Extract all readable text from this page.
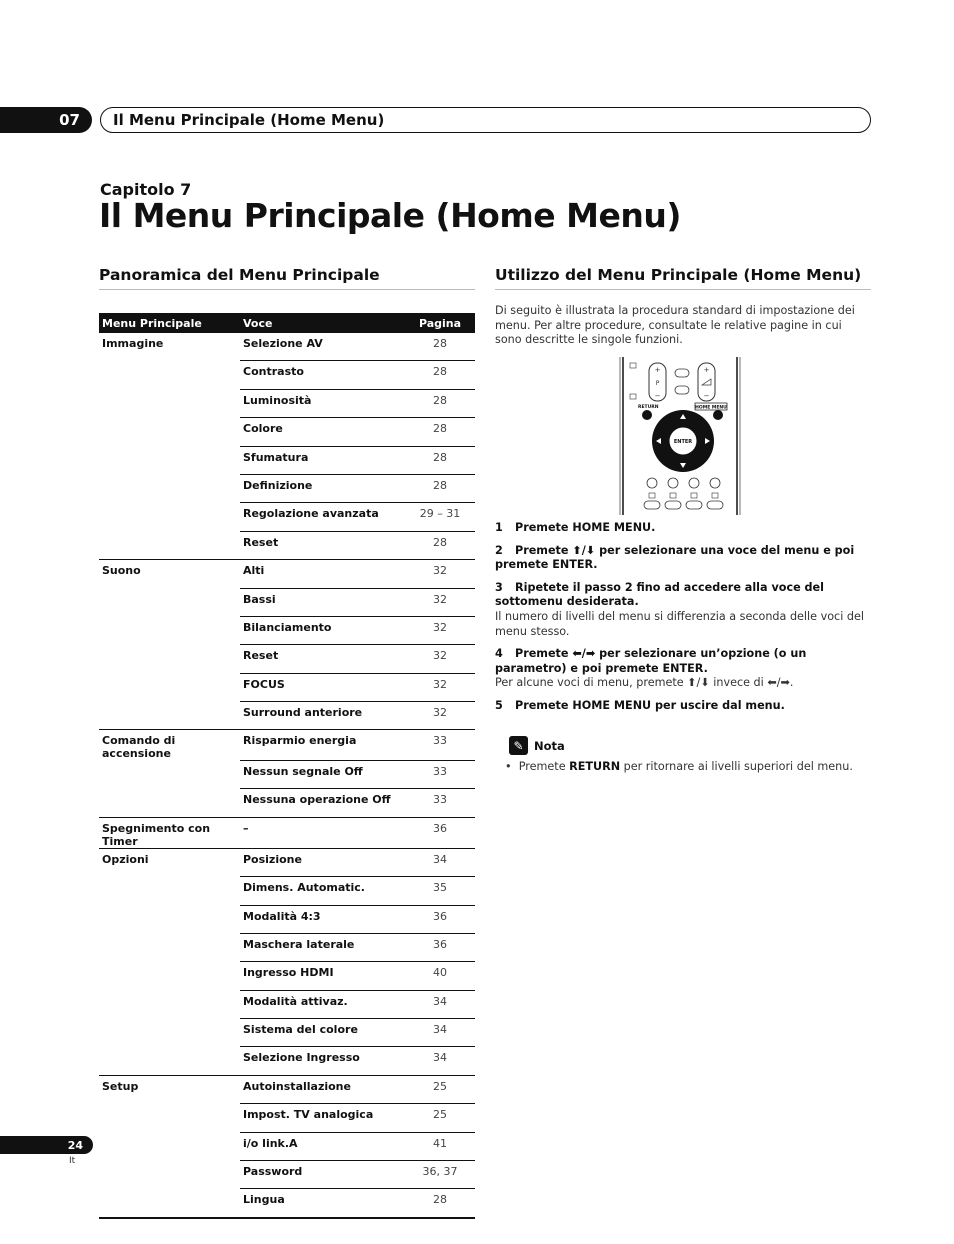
07	Il Menu Principale (Home Menu)
Capitolo 7
Il Menu Principale (Home Menu)
Panoramica del Menu Principale
Menu Principale	Voce	Pagina
Immagine	Selezione AV	28
	Contrasto	28
	Luminosità	28
	Colore	28
	Sfumatura	28
	Definizione	28
	Regolazione avanzata	29 – 31
	Reset	28
Suono	Alti	32
	Bassi	32
	Bilanciamento	32
	Reset	32
	FOCUS	32
	Surround anteriore	32
Comando di accensione	Risparmio energia	33
	Nessun segnale Off	33
	Nessuna operazione Off	33
Spegnimento con Timer	–	36
Opzioni	Posizione	34
	Dimens. Automatic.	35
	Modalità 4:3	36
	Maschera laterale	36
	Ingresso HDMI	40
	Modalità attivaz.	34
	Sistema del colore	34
	Selezione Ingresso	34
Setup	Autoinstallazione	25
	Impost. TV analogica	25
	i/o link.A	41
	Password	36, 37
	Lingua	28
Utilizzo del Menu Principale (Home Menu)

Di seguito è illustrata la procedura standard di impostazione dei menu. Per altre procedure, consultate le relative pagine in cui sono descritte le singole funzioni.

+
P
−
+
−
RETURN	HOME MENU
ENTER
1 Premete HOME MENU.
2 Premete ⬆/⬇ per selezionare una voce del menu e poi premete ENTER.
3 Ripetete il passo 2 fino ad accedere alla voce del sottomenu desiderata.
Il numero di livelli del menu si differenzia a seconda delle voci del menu stesso.
4 Premete ⬅/➡ per selezionare un’opzione (o un parametro) e poi premete ENTER.
Per alcune voci di menu, premete ⬆/⬇ invece di ⬅/➡.
5 Premete HOME MENU per uscire dal menu.
✎ Nota
• Premete RETURN per ritornare ai livelli superiori del menu.
24
It
